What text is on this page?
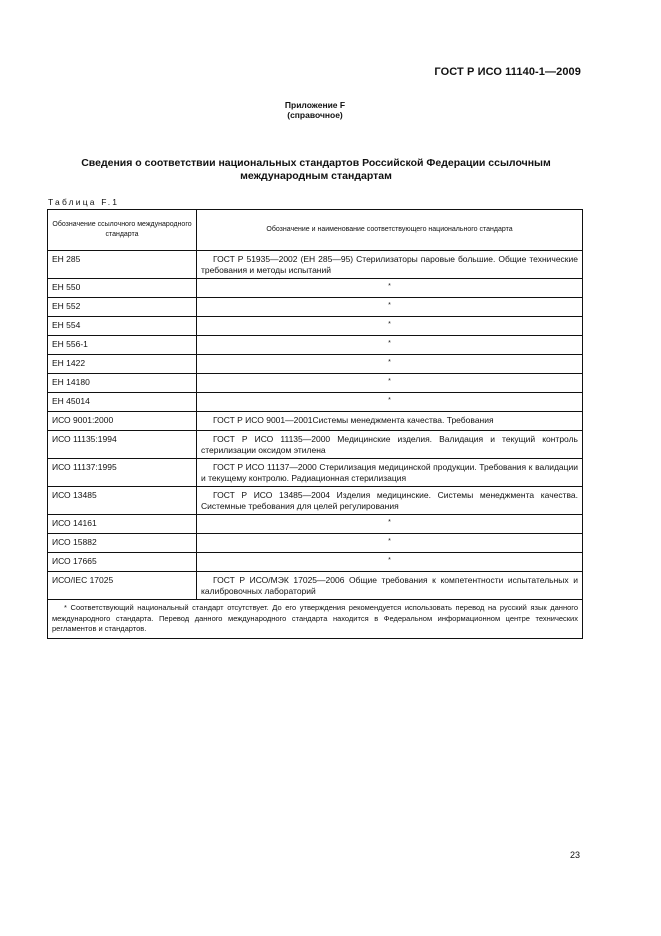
ГОСТ Р ИСО 11140-1—2009
Приложение F
(справочное)
Сведения о соответствии национальных стандартов Российской Федерации ссылочным международным стандартам
Таблица F.1
Обозначение ссылочного международного стандарта	Обозначение и наименование соответствующего национального стандарта
ЕН 285	ГОСТ Р 51935—2002 (ЕН 285—95) Стерилизаторы паровые большие. Общие технические требования и методы испытаний

ЕН 550	*
ЕН 552	*
ЕН 554	*
ЕН 556-1	*
ЕН 1422	*
ЕН 14180	*
ЕН 45014	*
ИСО 9001:2000	ГОСТ Р ИСО 9001—2001Системы менеджмента качества. Требования

ИСО 11135:1994	ГОСТ Р ИСО 11135—2000 Медицинские изделия. Валидация и текущий контроль стерилизации оксидом этилена

ИСО 11137:1995	ГОСТ Р ИСО 11137—2000 Стерилизация медицинской продукции. Требования к валидации и текущему контролю. Радиационная стерилизация

ИСО 13485	ГОСТ Р ИСО 13485—2004 Изделия медицинские. Системы менеджмента качества. Системные требования для целей регулирования

ИСО 14161	*
ИСО 15882	*
ИСО 17665	*
ИСО/IEC 17025	ГОСТ Р ИСО/МЭК 17025—2006 Общие требования к компетентности испытательных и калибровочных лабораторий

* Соответствующий национальный стандарт отсутствует. До его утверждения рекомендуется использовать перевод на русский язык данного международного стандарта. Перевод данного международного стандарта находится в Федеральном информационном центре технических регламентов и стандартов.	
23
